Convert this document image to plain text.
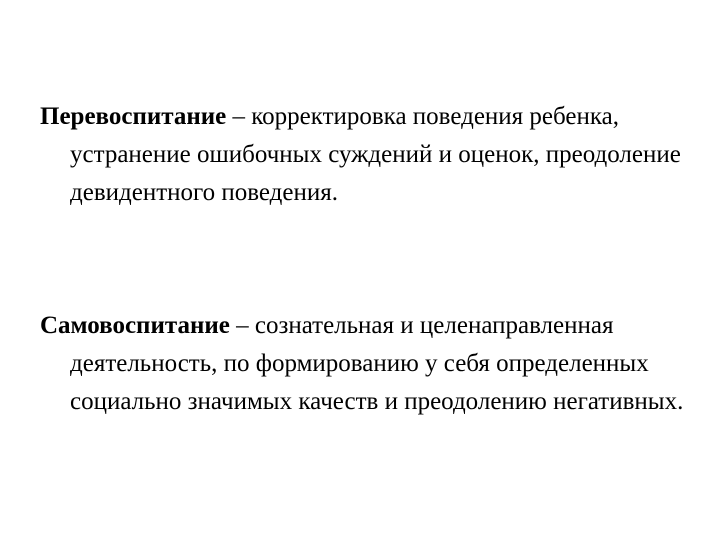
Перевоспитание – корректировка поведения ребенка, устранение ошибочных суждений и оценок, преодоление девидентного поведения.

Самовоспитание – сознательная и целенаправленная деятельность, по формированию у себя определенных социально значимых качеств и преодолению негативных.
